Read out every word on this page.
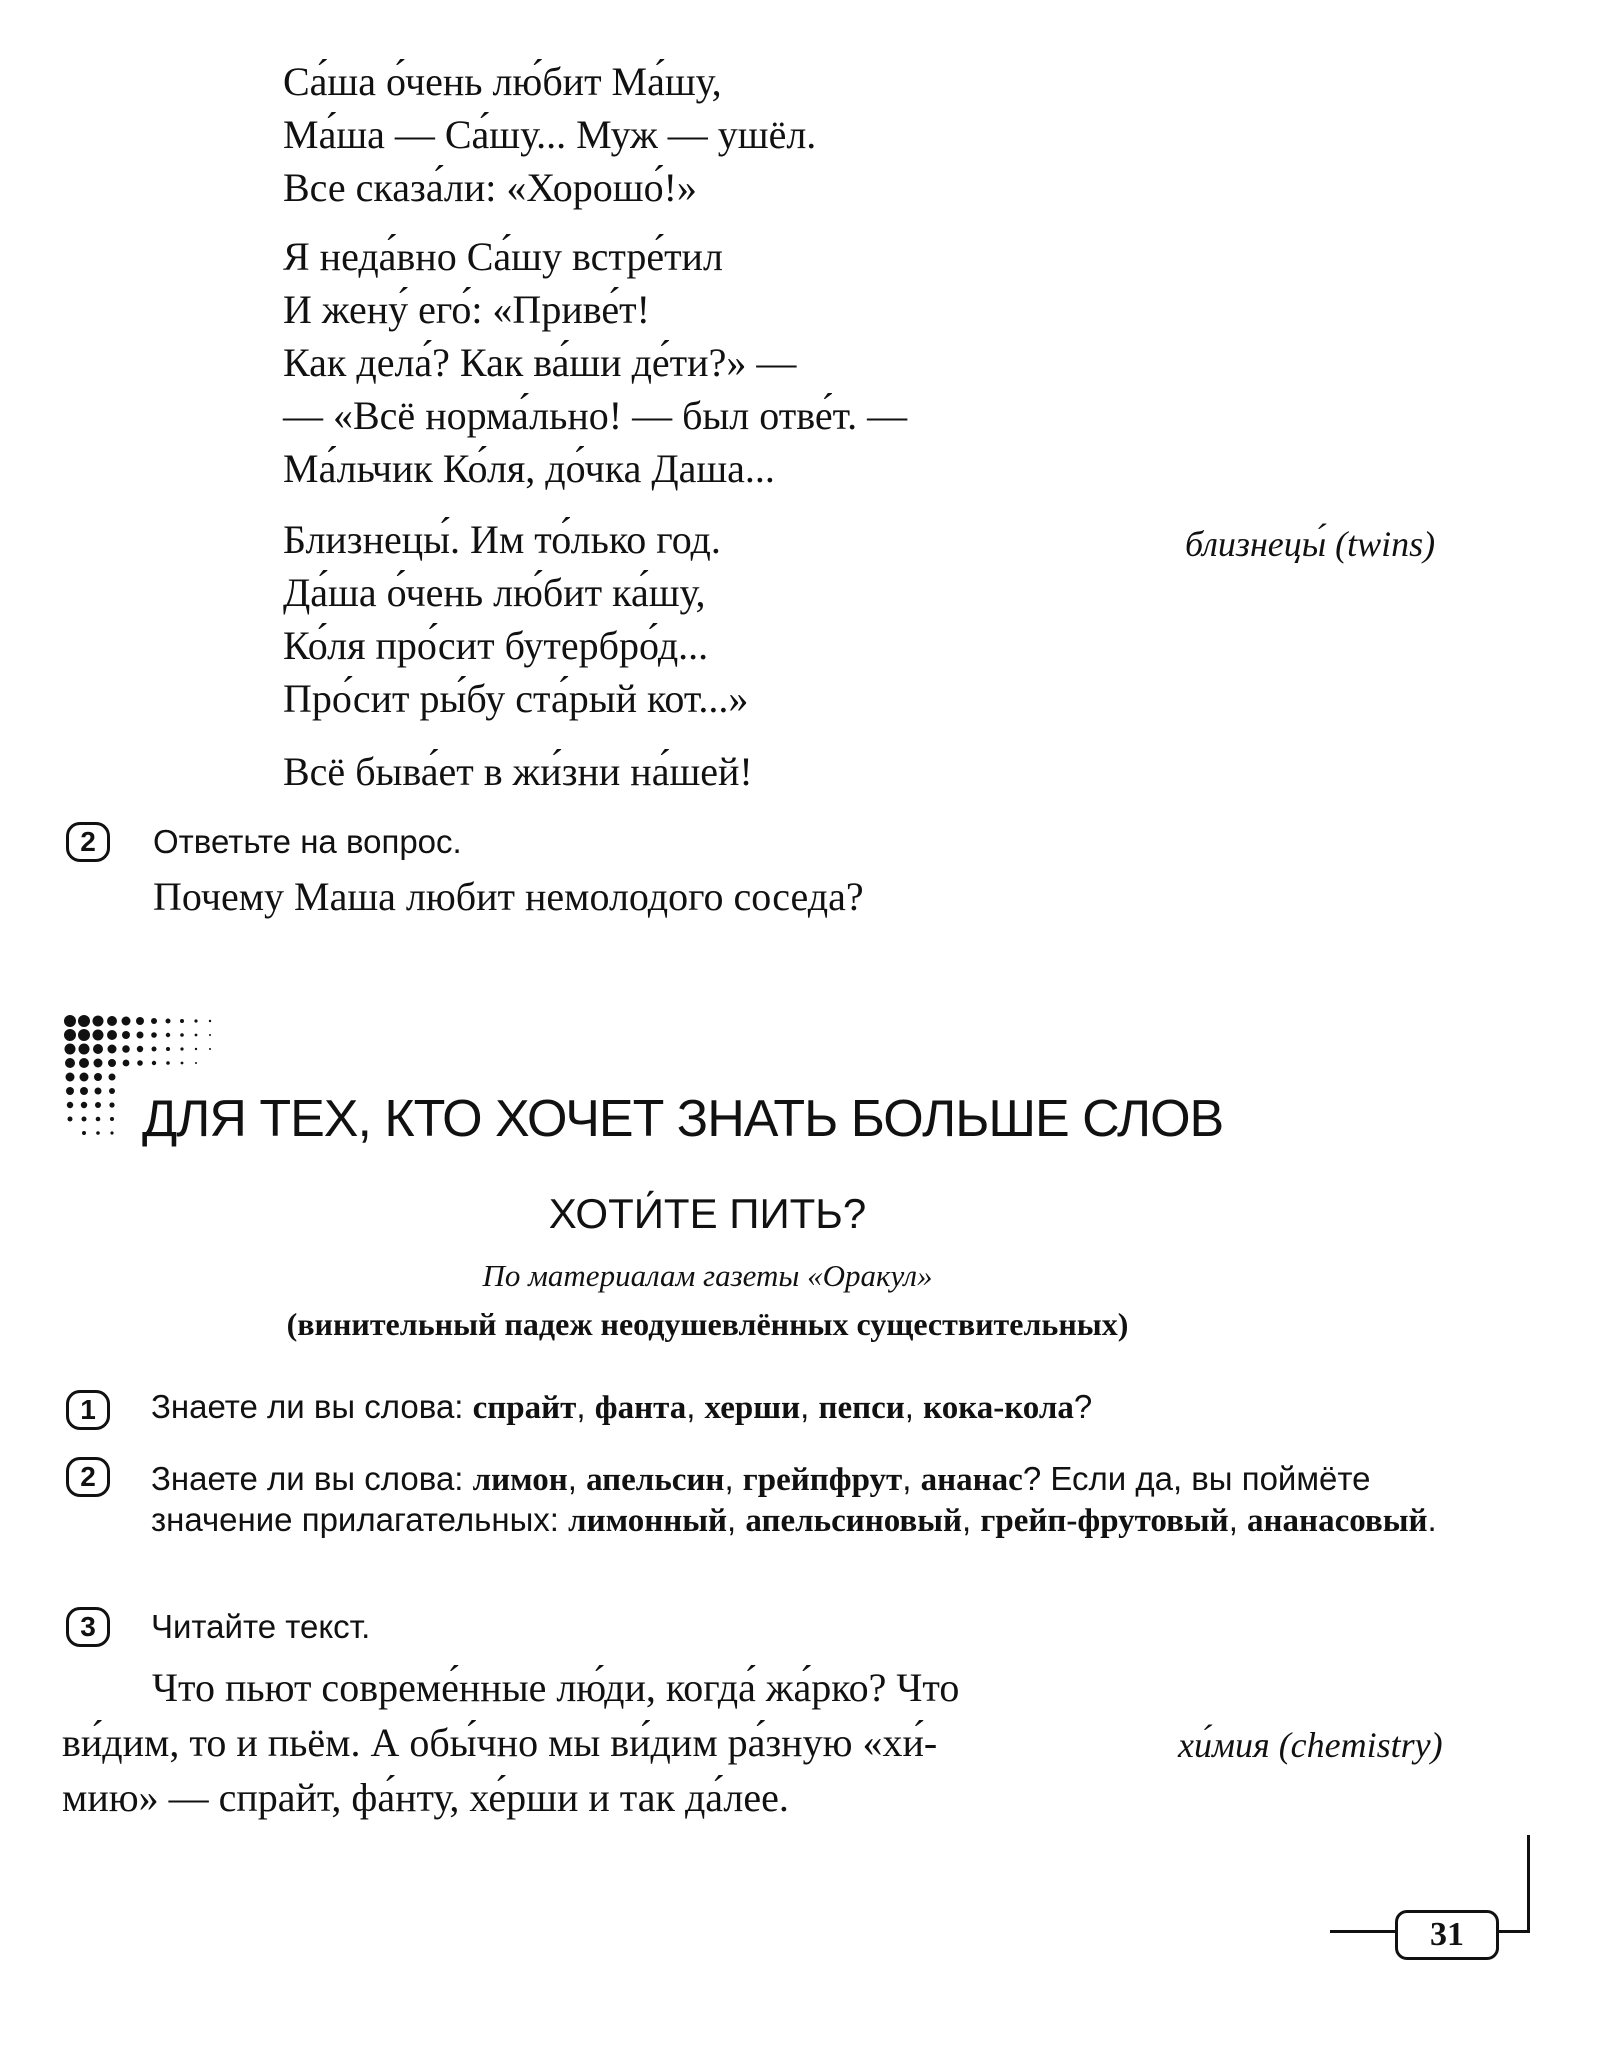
Са́ша о́чень лю́бит Ма́шу,
Ма́ша — Са́шу... Муж — ушёл.
Все сказа́ли: «Хорошо́!»
Я неда́вно Са́шу встре́тил
И жену́ его́: «Приве́т!
Как дела́? Как ва́ши де́ти?» —
— «Всё норма́льно! — был отве́т. —
Ма́льчик Ко́ля, до́чка Даша...
Близнецы́. Им то́лько год.
Да́ша о́чень лю́бит ка́шу,
Ко́ля про́сит бутербро́д...
Про́сит ры́бу ста́рый кот...»
близнецы́ (twins)
Всё быва́ет в жи́зни на́шей!
2	Ответьте на вопрос.
Почему Маша любит немолодого соседа?
ДЛЯ ТЕХ, КТО ХОЧЕТ ЗНАТЬ БОЛЬШЕ СЛОВ
ХОТИ́ТЕ ПИТЬ?
По материалам газеты «Оракул»
(винительный падеж неодушевлённых существительных)
1	Знаете ли вы слова: спрайт, фанта, херши, пепси, кока-кола?
2	Знаете ли вы слова: лимон, апельсин, грейпфрут, ананас? Если да, вы поймёте значение прилагательных: лимонный, апельсиновый, грейп-фрутовый, ананасовый.
3	Читайте текст.
Что пьют совреме́нные лю́ди, когда́ жа́рко? Что
ви́дим, то и пьём. А обы́чно мы ви́дим ра́зную «хи́-
мию» — спрайт, фа́нту, хе́рши и так да́лее.
хи́мия (chemistry)
31
